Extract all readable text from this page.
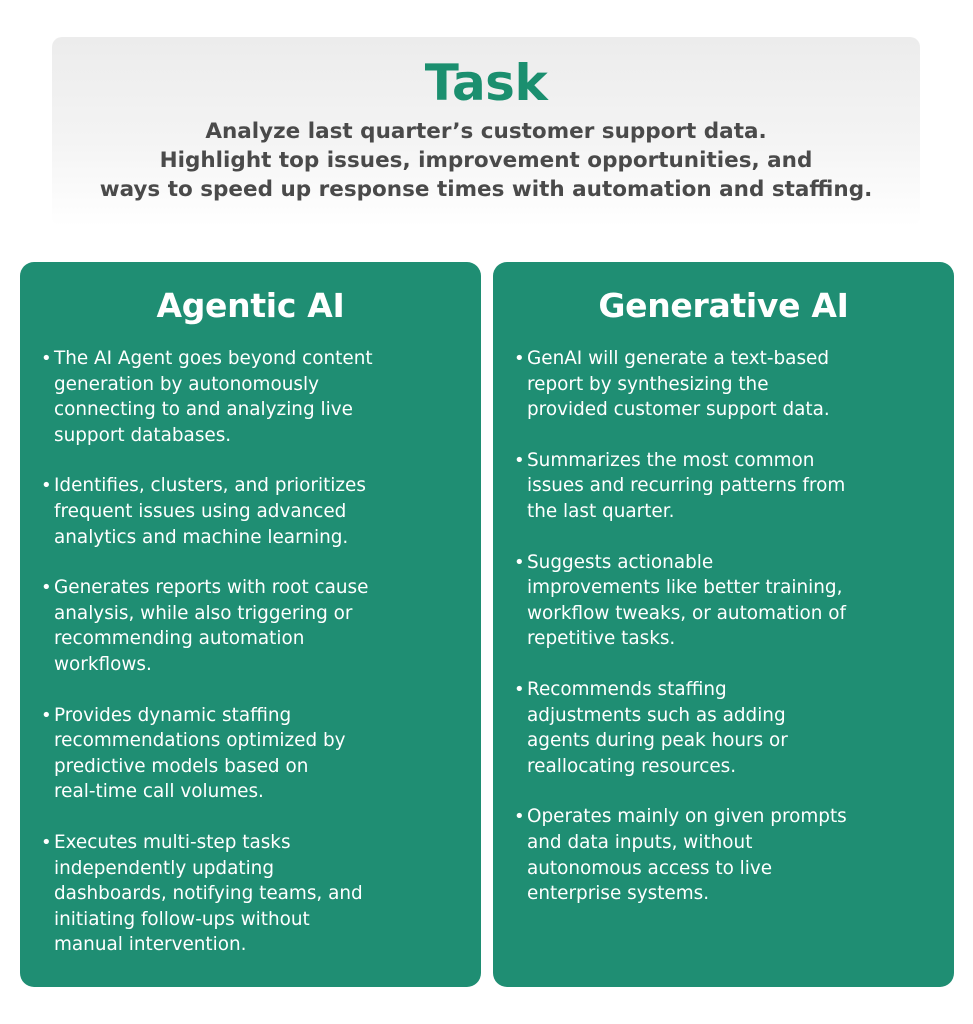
Task

Analyze last quarter’s customer support data.
Highlight top issues, improvement opportunities, and
ways to speed up response times with automation and staffing.

Agentic AI
• The AI Agent goes beyond content
generation by autonomously
connecting to and analyzing live
support databases.
• Identifies, clusters, and prioritizes
frequent issues using advanced
analytics and machine learning.
• Generates reports with root cause
analysis, while also triggering or
recommending automation
workflows.
• Provides dynamic staffing
recommendations optimized by
predictive models based on
real-time call volumes.
• Executes multi-step tasks
independently updating
dashboards, notifying teams, and
initiating follow-ups without
manual intervention.
Generative AI
• GenAI will generate a text-based
report by synthesizing the
provided customer support data.
• Summarizes the most common
issues and recurring patterns from
the last quarter.
• Suggests actionable
improvements like better training,
workflow tweaks, or automation of
repetitive tasks.
• Recommends staffing
adjustments such as adding
agents during peak hours or
reallocating resources.
• Operates mainly on given prompts
and data inputs, without
autonomous access to live
enterprise systems.
